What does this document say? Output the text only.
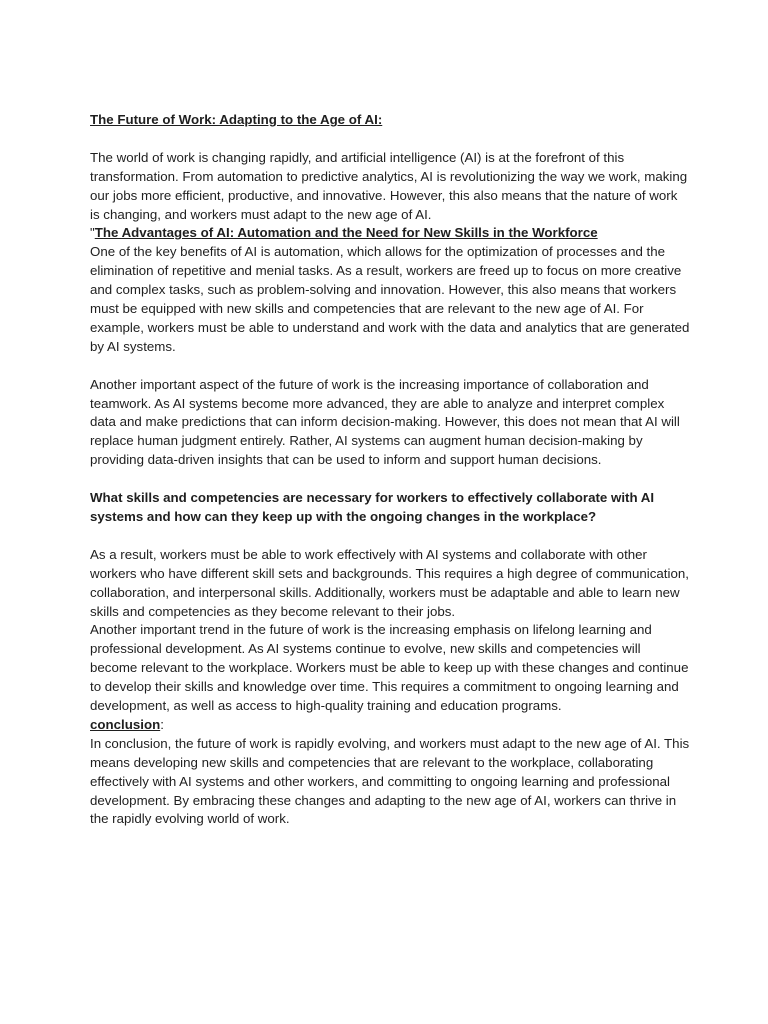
The Future of Work: Adapting to the Age of AI:

The world of work is changing rapidly, and artificial intelligence (AI) is at the forefront of this transformation. From automation to predictive analytics, AI is revolutionizing the way we work, making our jobs more efficient, productive, and innovative. However, this also means that the nature of work is changing, and workers must adapt to the new age of AI.

"The Advantages of AI: Automation and the Need for New Skills in the Workforce

One of the key benefits of AI is automation, which allows for the optimization of processes and the elimination of repetitive and menial tasks. As a result, workers are freed up to focus on more creative and complex tasks, such as problem-solving and innovation. However, this also means that workers must be equipped with new skills and competencies that are relevant to the new age of AI. For example, workers must be able to understand and work with the data and analytics that are generated by AI systems.

Another important aspect of the future of work is the increasing importance of collaboration and teamwork. As AI systems become more advanced, they are able to analyze and interpret complex data and make predictions that can inform decision-making. However, this does not mean that AI will replace human judgment entirely. Rather, AI systems can augment human decision-making by providing data-driven insights that can be used to inform and support human decisions.

What skills and competencies are necessary for workers to effectively collaborate with AI systems and how can they keep up with the ongoing changes in the workplace?

As a result, workers must be able to work effectively with AI systems and collaborate with other workers who have different skill sets and backgrounds. This requires a high degree of communication, collaboration, and interpersonal skills. Additionally, workers must be adaptable and able to learn new skills and competencies as they become relevant to their jobs.

Another important trend in the future of work is the increasing emphasis on lifelong learning and professional development. As AI systems continue to evolve, new skills and competencies will become relevant to the workplace. Workers must be able to keep up with these changes and continue to develop their skills and knowledge over time. This requires a commitment to ongoing learning and development, as well as access to high-quality training and education programs.

conclusion:

In conclusion, the future of work is rapidly evolving, and workers must adapt to the new age of AI. This means developing new skills and competencies that are relevant to the workplace, collaborating effectively with AI systems and other workers, and committing to ongoing learning and professional development. By embracing these changes and adapting to the new age of AI, workers can thrive in the rapidly evolving world of work.
